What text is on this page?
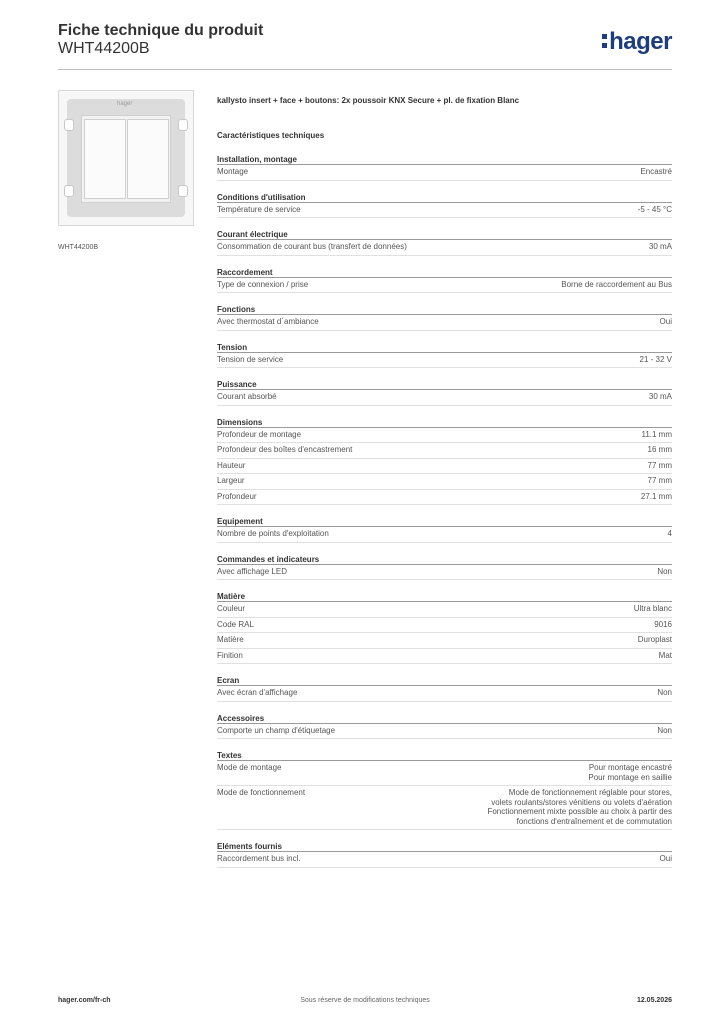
Fiche technique du produit
WHT44200B	hager
hager
WHT44200B
kallysto insert + face + boutons: 2x poussoir KNX Secure + pl. de fixation Blanc
Caractéristiques techniques
Installation, montage
Montage	Encastré
Conditions d'utilisation
Température de service	-5 - 45 °C
Courant électrique
Consommation de courant bus (transfert de données)	30 mA
Raccordement
Type de connexion / prise	Borne de raccordement au Bus
Fonctions
Avec thermostat d´ambiance	Oui
Tension
Tension de service	21 - 32 V
Puissance
Courant absorbé	30 mA
Dimensions
Profondeur de montage	11.1 mm
Profondeur des boîtes d'encastrement	16 mm
Hauteur	77 mm
Largeur	77 mm
Profondeur	27.1 mm
Equipement
Nombre de points d'exploitation	4
Commandes et indicateurs
Avec affichage LED	Non
Matière
Couleur	Ultra blanc
Code RAL	9016
Matière	Duroplast
Finition	Mat
Ecran
Avec écran d'affichage	Non
Accessoires
Comporte un champ d'étiquetage	Non
Textes
Mode de montage	Pour montage encastré
Pour montage en saillie
Mode de fonctionnement	Mode de fonctionnement réglable pour stores,
volets roulants/stores vénitiens ou volets d'aération
Fonctionnement mixte possible au choix à partir des
fonctions d'entraînement et de commutation
Eléments fournis
Raccordement bus incl.	Oui
hager.com/fr-ch	Sous réserve de modifications techniques	12.05.2026
